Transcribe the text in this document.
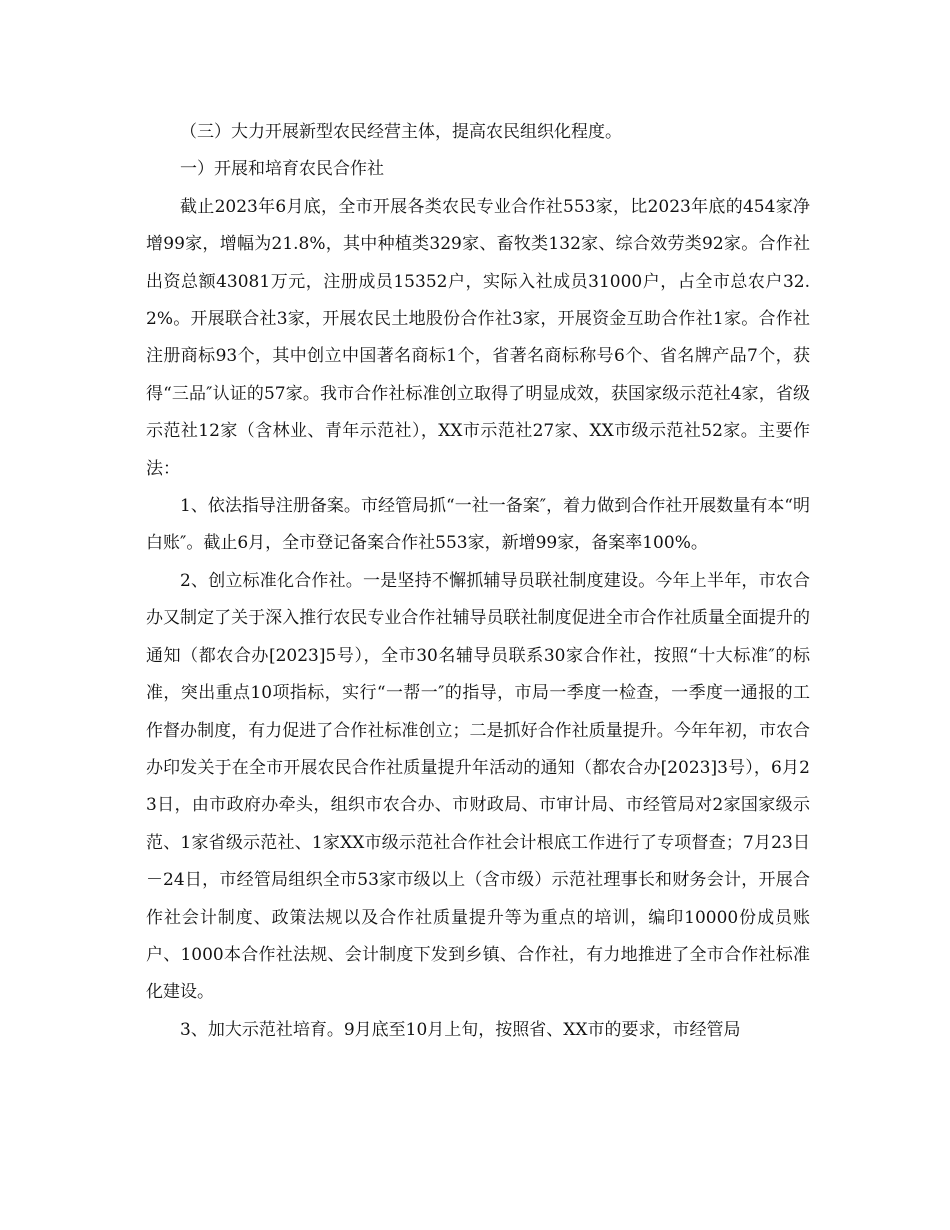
（三）大力开展新型农民经营主体，提高农民组织化程度。

一）开展和培育农民合作社

截止2023年6月底，全市开展各类农民专业合作社553家，比2023年底的454家净增99家，增幅为21.8%，其中种植类329家、畜牧类132家、综合效劳类92家。合作社出资总额43081万元，注册成员15352户，实际入社成员31000户，占全市总农户32.2%。开展联合社3家，开展农民土地股份合作社3家，开展资金互助合作社1家。合作社注册商标93个，其中创立中国著名商标1个，省著名商标称号6个、省名牌产品7个，获得“三品″认证的57家。我市合作社标准创立取得了明显成效，获国家级示范社4家，省级示范社12家（含林业、青年示范社），XX市示范社27家、XX市级示范社52家。主要作法：

1、依法指导注册备案。市经管局抓“一社一备案″，着力做到合作社开展数量有本“明白账″。截止6月，全市登记备案合作社553家，新增99家，备案率100%。

2、创立标准化合作社。一是坚持不懈抓辅导员联社制度建设。今年上半年，市农合办又制定了关于深入推行农民专业合作社辅导员联社制度促进全市合作社质量全面提升的通知（都农合办[2023]5号），全市30名辅导员联系30家合作社，按照“十大标准″的标准，突出重点10项指标，实行“一帮一″的指导，市局一季度一检查，一季度一通报的工作督办制度，有力促进了合作社标准创立；二是抓好合作社质量提升。今年年初，市农合办印发关于在全市开展农民合作社质量提升年活动的通知（都农合办[2023]3号），6月23日，由市政府办牵头，组织市农合办、市财政局、市审计局、市经管局对2家国家级示范、1家省级示范社、1家XX市级示范社合作社会计根底工作进行了专项督查；7月23日－24日，市经管局组织全市53家市级以上（含市级）示范社理事长和财务会计，开展合作社会计制度、政策法规以及合作社质量提升等为重点的培训，编印10000份成员账户、1000本合作社法规、会计制度下发到乡镇、合作社，有力地推进了全市合作社标准化建设。

3、加大示范社培育。9月底至10月上旬，按照省、XX市的要求，市经管局
